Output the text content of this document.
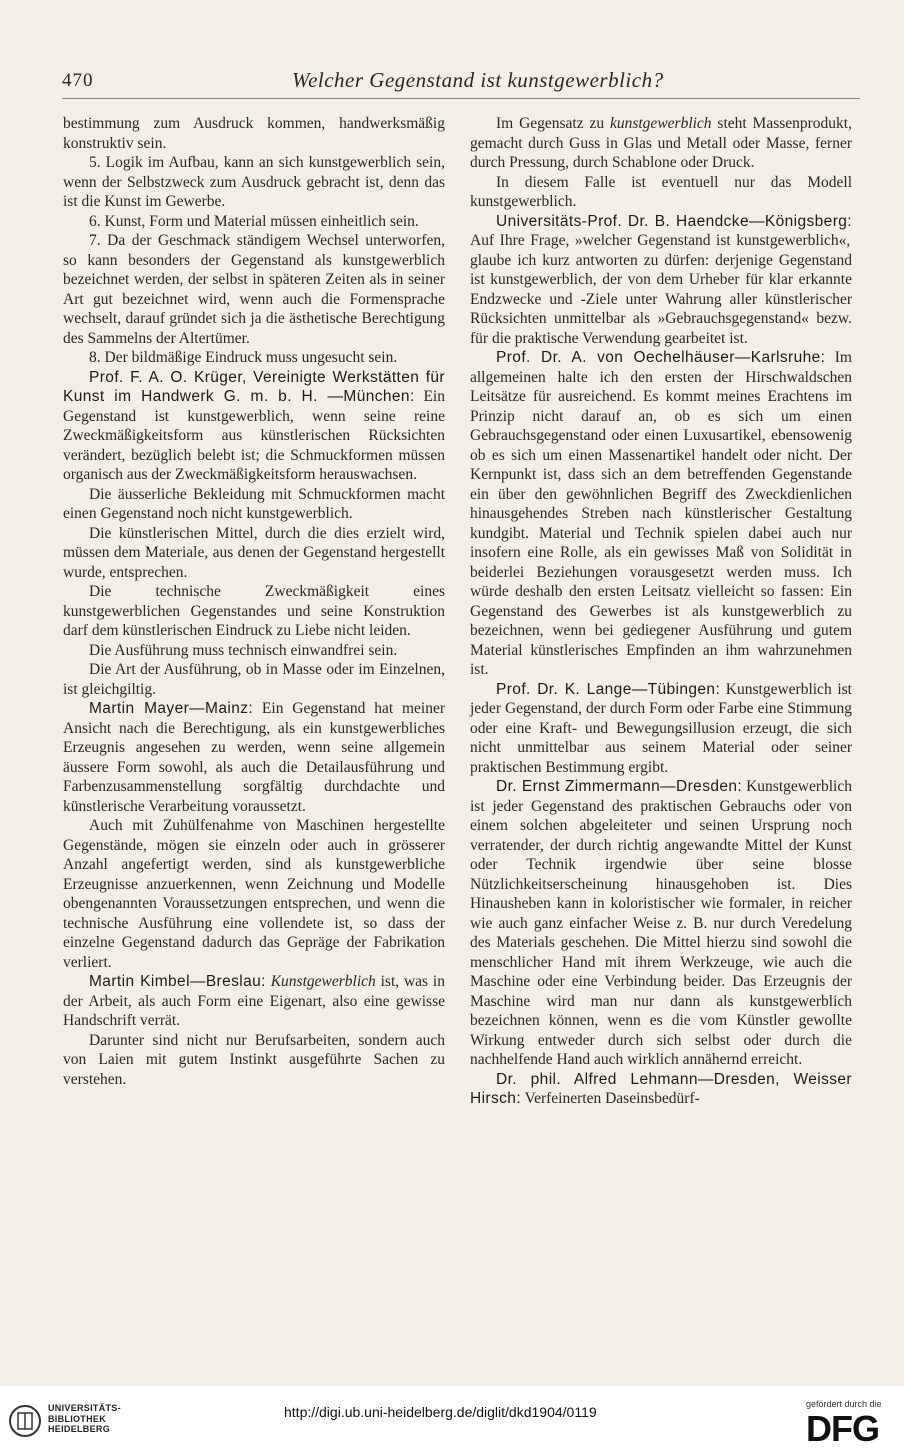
470	Welcher Gegenstand ist kunstgewerblich?

bestimmung zum Ausdruck kommen, handwerksmäßig konstruktiv sein.

5. Logik im Aufbau, kann an sich kunstgewerblich sein, wenn der Selbstzweck zum Ausdruck gebracht ist, denn das ist die Kunst im Gewerbe.

6. Kunst, Form und Material müssen einheitlich sein.

7. Da der Geschmack ständigem Wechsel unterworfen, so kann besonders der Gegenstand als kunstgewerblich bezeichnet werden, der selbst in späteren Zeiten als in seiner Art gut bezeichnet wird, wenn auch die Formensprache wechselt, darauf gründet sich ja die ästhetische Berechtigung des Sammelns der Altertümer.

8. Der bildmäßige Eindruck muss ungesucht sein.

Prof. F. A. O. Krüger, Vereinigte Werkstätten für Kunst im Handwerk G. m. b. H. —München: Ein Gegenstand ist kunstgewerblich, wenn seine reine Zweckmäßigkeitsform aus künstlerischen Rücksichten verändert, bezüglich belebt ist; die Schmuckformen müssen organisch aus der Zweckmäßigkeitsform herauswachsen.

Die äusserliche Bekleidung mit Schmuckformen macht einen Gegenstand noch nicht kunstgewerblich.

Die künstlerischen Mittel, durch die dies erzielt wird, müssen dem Materiale, aus denen der Gegenstand hergestellt wurde, entsprechen.

Die technische Zweckmäßigkeit eines kunstgewerblichen Gegenstandes und seine Konstruktion darf dem künstlerischen Eindruck zu Liebe nicht leiden.

Die Ausführung muss technisch einwandfrei sein.

Die Art der Ausführung, ob in Masse oder im Einzelnen, ist gleichgiltig.

Martin Mayer—Mainz: Ein Gegenstand hat meiner Ansicht nach die Berechtigung, als ein kunstgewerbliches Erzeugnis angesehen zu werden, wenn seine allgemein äussere Form sowohl, als auch die Detailausführung und Farbenzusammenstellung sorgfältig durchdachte und künstlerische Verarbeitung voraussetzt.

Auch mit Zuhülfenahme von Maschinen hergestellte Gegenstände, mögen sie einzeln oder auch in grösserer Anzahl angefertigt werden, sind als kunstgewerbliche Erzeugnisse anzuerkennen, wenn Zeichnung und Modelle obengenannten Voraussetzungen entsprechen, und wenn die technische Ausführung eine vollendete ist, so dass der einzelne Gegenstand dadurch das Gepräge der Fabrikation verliert.

Martin Kimbel—Breslau: Kunstgewerblich ist, was in der Arbeit, als auch Form eine Eigenart, also eine gewisse Handschrift verrät.

Darunter sind nicht nur Berufsarbeiten, sondern auch von Laien mit gutem Instinkt ausgeführte Sachen zu verstehen.

Im Gegensatz zu kunstgewerblich steht Massenprodukt, gemacht durch Guss in Glas und Metall oder Masse, ferner durch Pressung, durch Schablone oder Druck.

In diesem Falle ist eventuell nur das Modell kunstgewerblich.

Universitäts-Prof. Dr. B. Haendcke—Königsberg: Auf Ihre Frage, »welcher Gegenstand ist kunstgewerblich«, glaube ich kurz antworten zu dürfen: derjenige Gegenstand ist kunstgewerblich, der von dem Urheber für klar erkannte Endzwecke und -Ziele unter Wahrung aller künstlerischer Rücksichten unmittelbar als »Gebrauchsgegenstand« bezw. für die praktische Verwendung gearbeitet ist.

Prof. Dr. A. von Oechelhäuser—Karlsruhe: Im allgemeinen halte ich den ersten der Hirschwaldschen Leitsätze für ausreichend. Es kommt meines Erachtens im Prinzip nicht darauf an, ob es sich um einen Gebrauchsgegenstand oder einen Luxusartikel, ebensowenig ob es sich um einen Massenartikel handelt oder nicht. Der Kernpunkt ist, dass sich an dem betreffenden Gegenstande ein über den gewöhnlichen Begriff des Zweckdienlichen hinausgehendes Streben nach künstlerischer Gestaltung kundgibt. Material und Technik spielen dabei auch nur insofern eine Rolle, als ein gewisses Maß von Solidität in beiderlei Beziehungen vorausgesetzt werden muss. Ich würde deshalb den ersten Leitsatz vielleicht so fassen: Ein Gegenstand des Gewerbes ist als kunstgewerblich zu bezeichnen, wenn bei gediegener Ausführung und gutem Material künstlerisches Empfinden an ihm wahrzunehmen ist.

Prof. Dr. K. Lange—Tübingen: Kunstgewerblich ist jeder Gegenstand, der durch Form oder Farbe eine Stimmung oder eine Kraft- und Bewegungsillusion erzeugt, die sich nicht unmittelbar aus seinem Material oder seiner praktischen Bestimmung ergibt.

Dr. Ernst Zimmermann—Dresden: Kunstgewerblich ist jeder Gegenstand des praktischen Gebrauchs oder von einem solchen abgeleiteter und seinen Ursprung noch verratender, der durch richtig angewandte Mittel der Kunst oder Technik irgendwie über seine blosse Nützlichkeitserscheinung hinausgehoben ist. Dies Hinausheben kann in koloristischer wie formaler, in reicher wie auch ganz einfacher Weise z. B. nur durch Veredelung des Materials geschehen. Die Mittel hierzu sind sowohl die menschlicher Hand mit ihrem Werkzeuge, wie auch die Maschine oder eine Verbindung beider. Das Erzeugnis der Maschine wird man nur dann als kunstgewerblich bezeichnen können, wenn es die vom Künstler gewollte Wirkung entweder durch sich selbst oder durch die nachhelfende Hand auch wirklich annähernd erreicht.

Dr. phil. Alfred Lehmann—Dresden, Weisser Hirsch: Verfeinerten Daseinsbedürf-

UNIVERSITÄTS-
BIBLIOTHEK
HEIDELBERG
http://digi.ub.uni-heidelberg.de/diglit/dkd1904/0119	gefördert durch die
DFG
